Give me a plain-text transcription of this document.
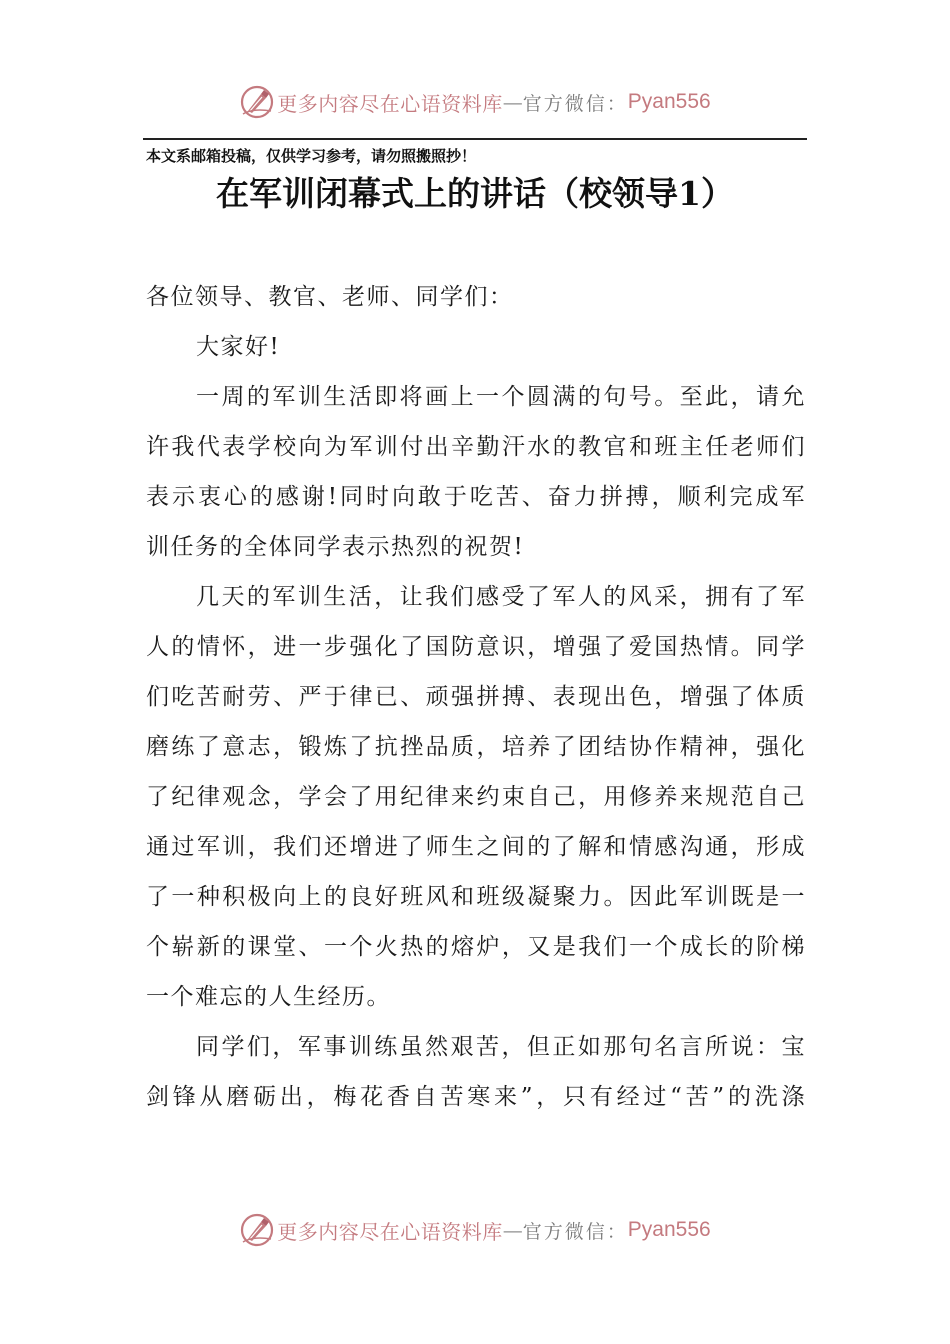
更多内容尽在心语资料库 — 官方微信： Pyan556
本文系邮箱投稿，仅供学习参考，请勿照搬照抄！
在军训闭幕式上的讲话（校领导1）
各位领导、教官、老师、同学们：
大家好!
一周的军训生活即将画上一个圆满的句号。至此，请允
许我代表学校向为军训付出辛勤汗水的教官和班主任老师们
表示衷心的感谢!同时向敢于吃苦、奋力拼搏，顺利完成军
训任务的全体同学表示热烈的祝贺!
几天的军训生活，让我们感受了军人的风采，拥有了军
人的情怀，进一步强化了国防意识，增强了爱国热情。同学
们吃苦耐劳、严于律已、顽强拼搏、表现出色，增强了体质
磨练了意志，锻炼了抗挫品质，培养了团结协作精神，强化
了纪律观念，学会了用纪律来约束自己，用修养来规范自己
通过军训，我们还增进了师生之间的了解和情感沟通，形成
了一种积极向上的良好班风和班级凝聚力。因此军训既是一
个崭新的课堂、一个火热的熔炉，又是我们一个成长的阶梯
一个难忘的人生经历。
同学们，军事训练虽然艰苦，但正如那句名言所说：宝
剑锋从磨砺出，梅花香自苦寒来”，只有经过“苦”的洗涤
更多内容尽在心语资料库 — 官方微信： Pyan556
